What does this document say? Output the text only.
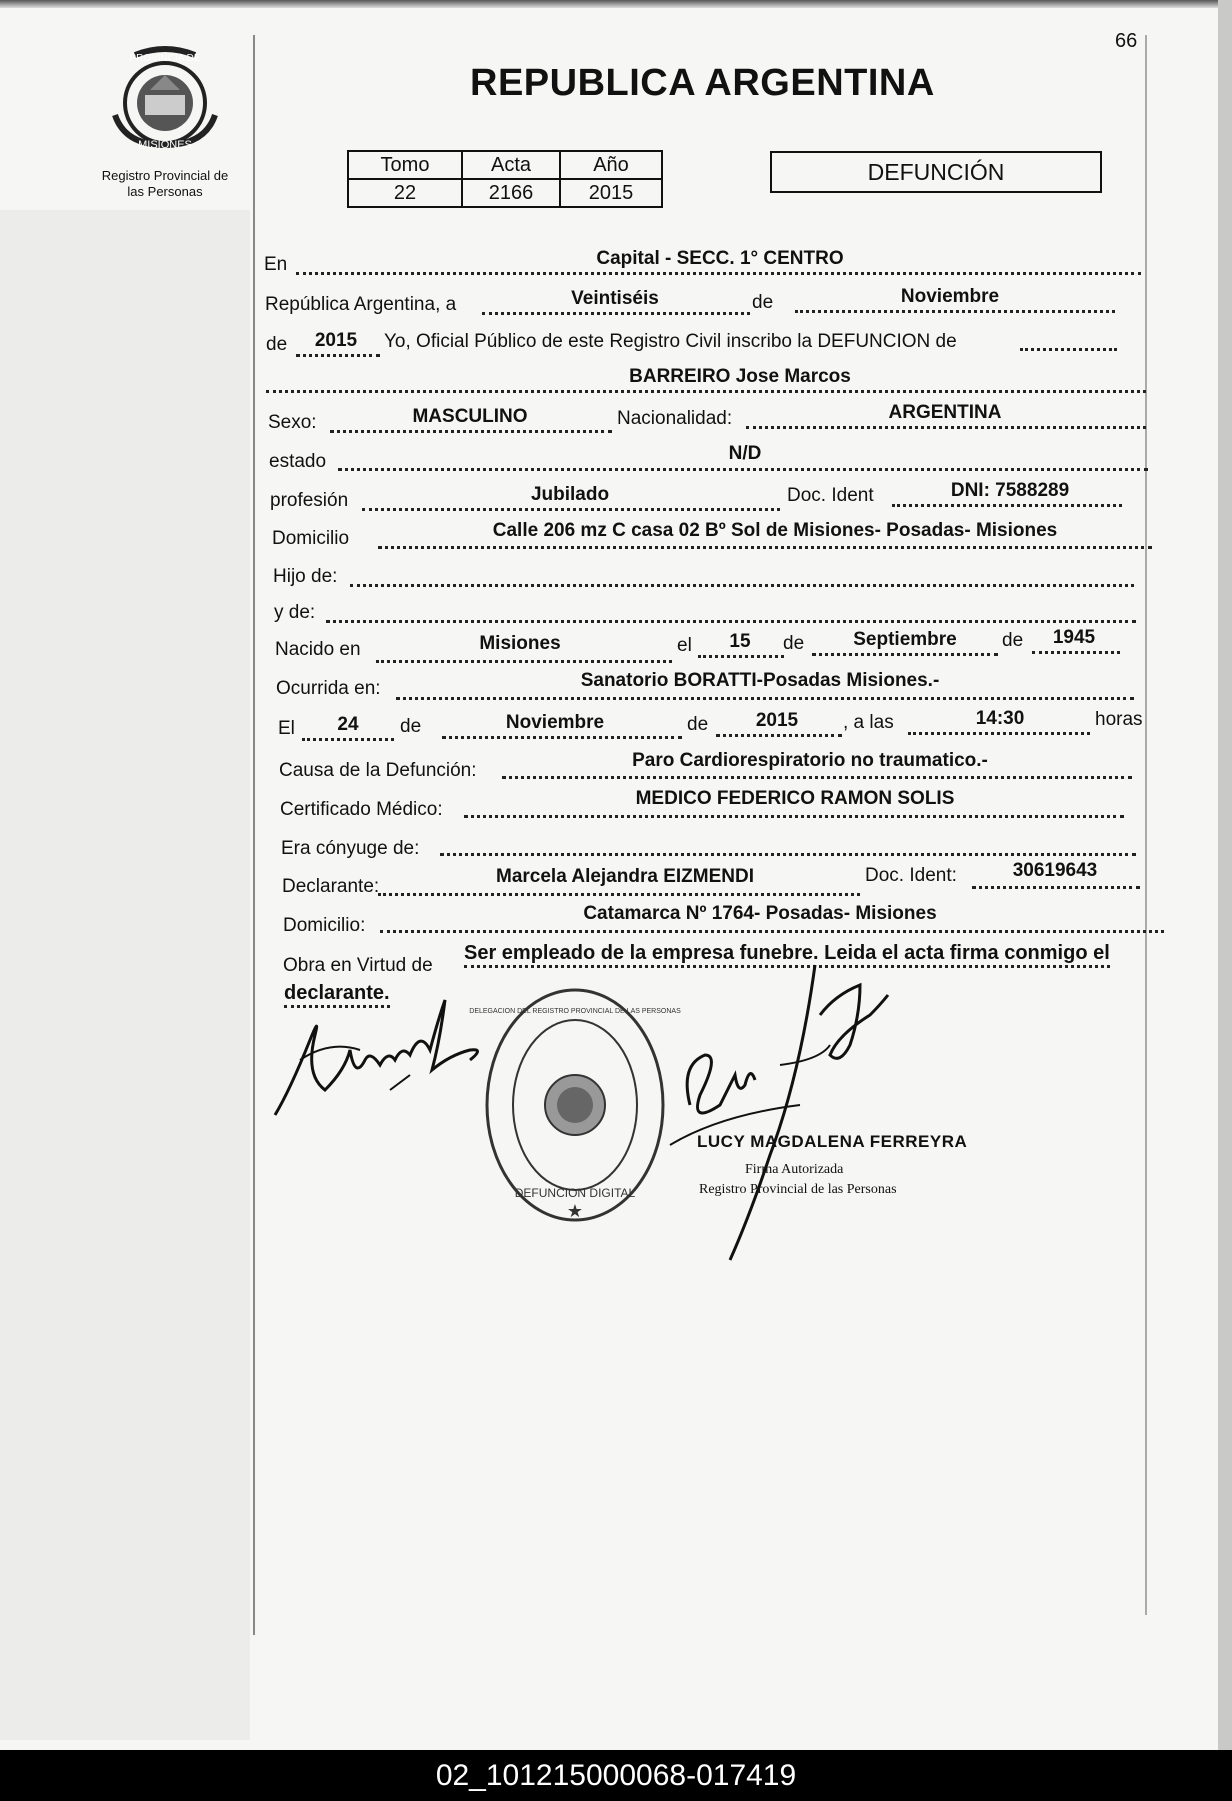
66
PROVINCIA DE
MISIONES
Registro Provincial de
las Personas
REPUBLICA ARGENTINA
Tomo	Acta	Año
22	2166	2015
DEFUNCIÓN
En	Capital - SECC. 1° CENTRO
República Argentina, a	Veintiséis	de	Noviembre
de	2015	Yo, Oficial Público de este Registro Civil inscribo la DEFUNCION de
BARREIRO Jose Marcos
Sexo:	MASCULINO	Nacionalidad:	ARGENTINA
estado	N/D
profesión	Jubilado	Doc. Ident	DNI: 7588289
Domicilio	Calle 206 mz C casa 02 Bº Sol de Misiones- Posadas- Misiones
Hijo de:
y de:
Nacido en	Misiones	el	15	de	Septiembre	de	1945
Ocurrida en:	Sanatorio BORATTI-Posadas Misiones.-
El	24	de	Noviembre	de	2015	, a las	14:30	horas
Causa de la Defunción:	Paro Cardiorespiratorio no traumatico.-
Certificado Médico:
MEDICO FEDERICO RAMON SOLIS
Era cónyuge de:
Declarante:	Marcela Alejandra EIZMENDI	Doc. Ident:	30619643
Domicilio:
Catamarca Nº 1764- Posadas- Misiones
Obra en Virtud de
Ser empleado de la empresa funebre. Leida el acta firma conmigo el
declarante.
★
DEFUNCION DIGITAL
DELEGACION DEL REGISTRO PROVINCIAL DE LAS PERSONAS
LUCY MAGDALENA FERREYRA
Firma Autorizada
Registro Provincial de las Personas
02_101215000068-017419
